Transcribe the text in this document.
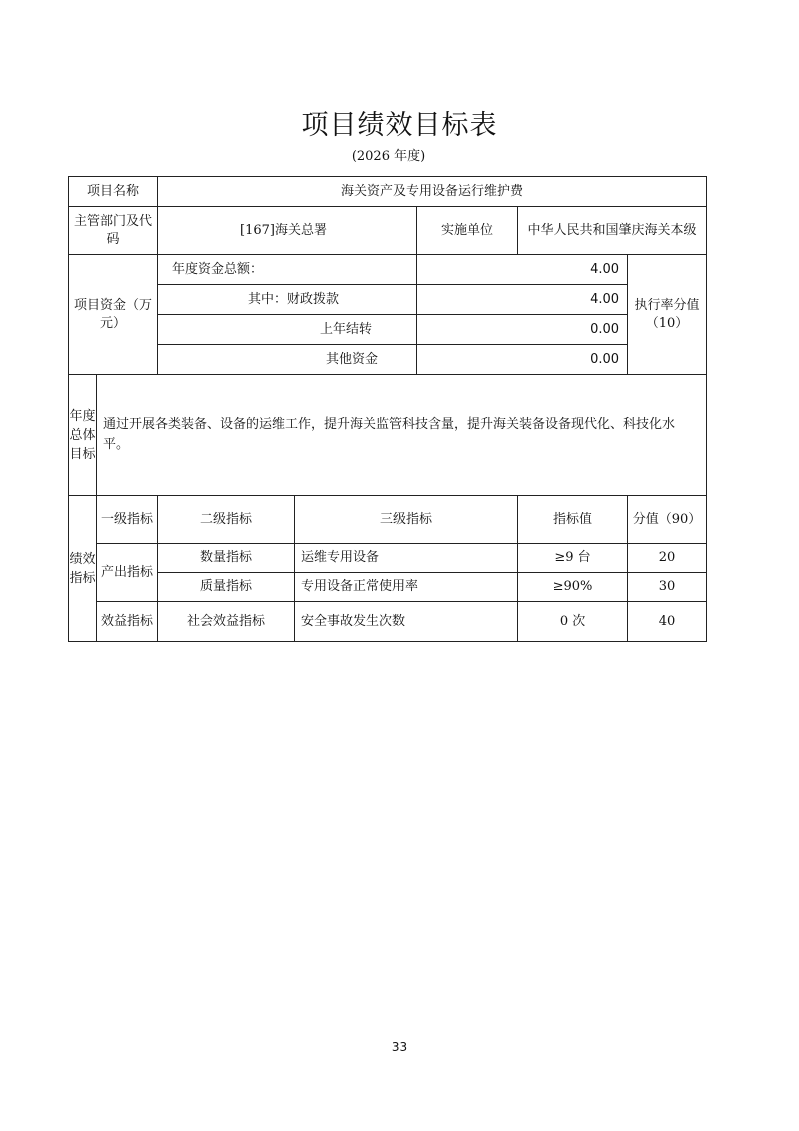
项目绩效目标表
(2026 年度)
项目名称		海关资产及专用设备运行维护费				
主管部门及代码		[167]海关总署		实施单位	中华人民共和国肇庆海关本级	
项目资金（万元）		年度资金总额：		4.00		执行率分值（10）
		其中：财政拨款		4.00		
		上年结转		0.00		
		其他资金		0.00		
年度总体目标	通过开展各类装备、设备的运维工作，提升海关监管科技含量，提升海关装备设备现代化、科技化水平。					
绩效指标	一级指标	二级指标	三级指标		指标值	分值（90）
	产出指标	数量指标	运维专用设备		≥9 台	20
		质量指标	专用设备正常使用率		≥90%	30
	效益指标	社会效益指标	安全事故发生次数		0 次	40
33
